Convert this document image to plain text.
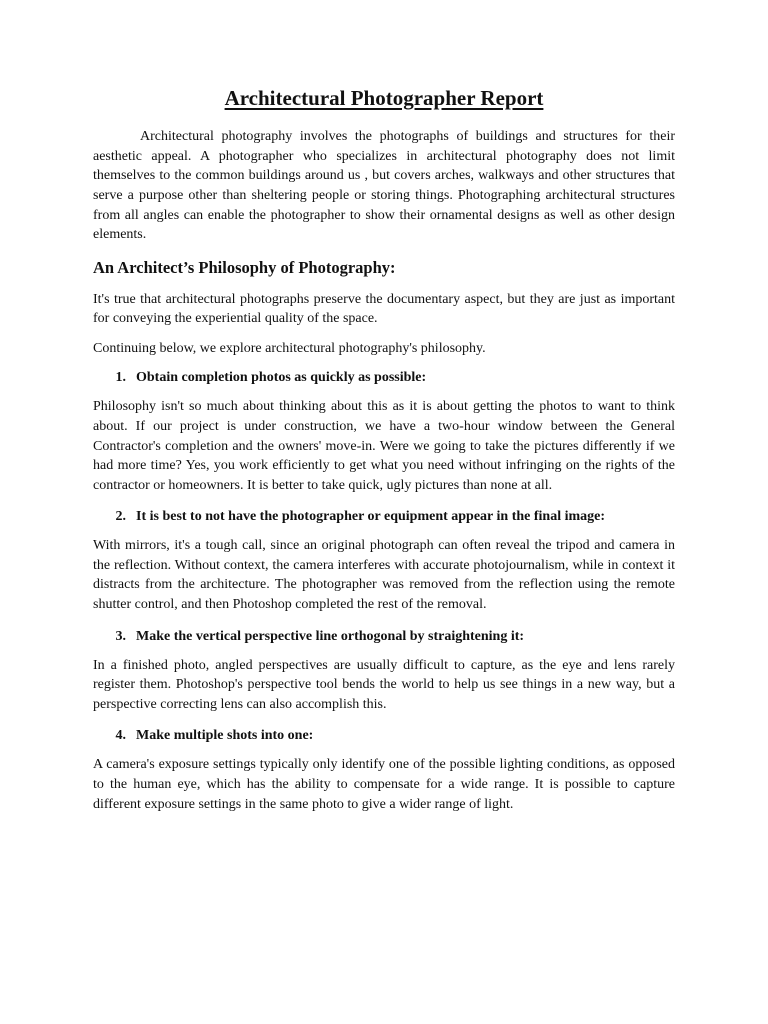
Architectural Photographer Report

Architectural photography involves the photographs of buildings and structures for their aesthetic appeal. A photographer who specializes in architectural photography does not limit themselves to the common buildings around us , but covers arches, walkways and other structures that serve a purpose other than sheltering people or storing things. Photographing architectural structures from all angles can enable the photographer to show their ornamental designs as well as other design elements.

An Architect’s Philosophy of Photography:

It's true that architectural photographs preserve the documentary aspect, but they are just as important for conveying the experiential quality of the space.

Continuing below, we explore architectural photography's philosophy.

1. Obtain completion photos as quickly as possible:

Philosophy isn't so much about thinking about this as it is about getting the photos to want to think about. If our project is under construction, we have a two-hour window between the General Contractor's completion and the owners' move-in. Were we going to take the pictures differently if we had more time? Yes, you work efficiently to get what you need without infringing on the rights of the contractor or homeowners. It is better to take quick, ugly pictures than none at all.

2. It is best to not have the photographer or equipment appear in the final image:

With mirrors, it's a tough call, since an original photograph can often reveal the tripod and camera in the reflection. Without context, the camera interferes with accurate photojournalism, while in context it distracts from the architecture. The photographer was removed from the reflection using the remote shutter control, and then Photoshop completed the rest of the removal.

3. Make the vertical perspective line orthogonal by straightening it:

In a finished photo, angled perspectives are usually difficult to capture, as the eye and lens rarely register them. Photoshop's perspective tool bends the world to help us see things in a new way, but a perspective correcting lens can also accomplish this.

4. Make multiple shots into one:

A camera's exposure settings typically only identify one of the possible lighting conditions, as opposed to the human eye, which has the ability to compensate for a wide range. It is possible to capture different exposure settings in the same photo to give a wider range of light.
